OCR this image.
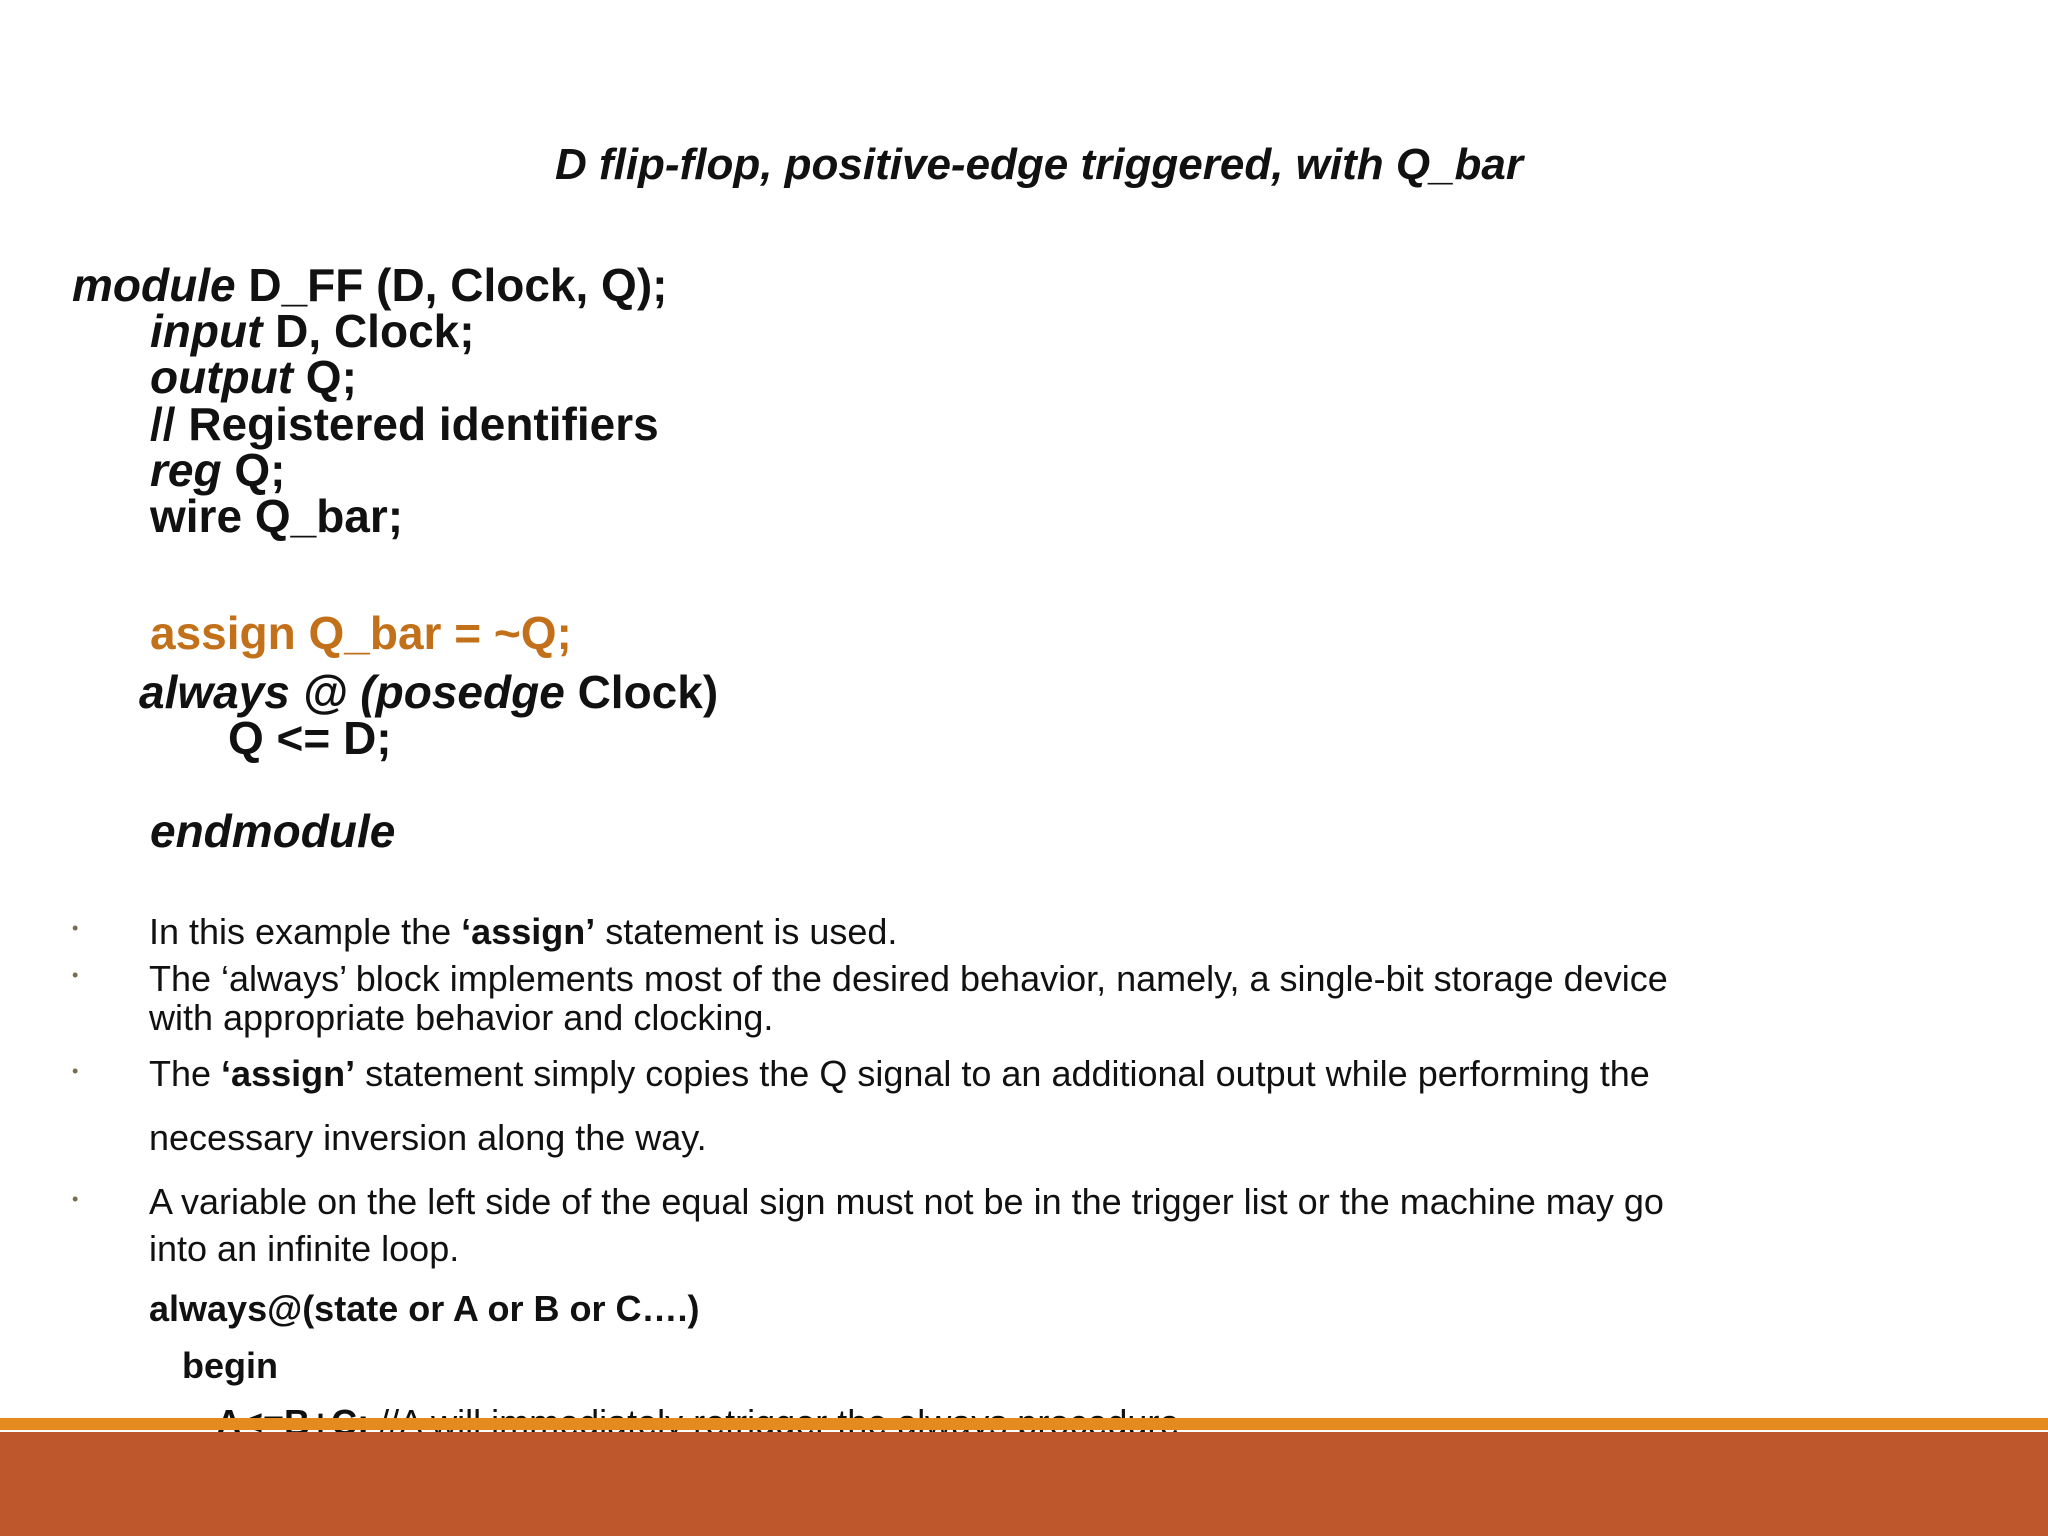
D flip-flop, positive-edge triggered, with Q_bar
module D_FF (D, Clock, Q);
input D, Clock;
output Q;
// Registered identifiers
reg Q;
wire Q_bar;
assign Q_bar = ~Q;
always @ (posedge Clock)
Q <= D;
endmodule
• In this example the ‘assign’ statement is used.
• The ‘always’ block implements most of the desired behavior, namely, a single-bit storage device
with appropriate behavior and clocking.
• The ‘assign’ statement simply copies the Q signal to an additional output while performing the
necessary inversion along the way.
• A variable on the left side of the equal sign must not be in the trigger list or the machine may go
into an infinite loop.
always@(state or A or B or C….)
begin
